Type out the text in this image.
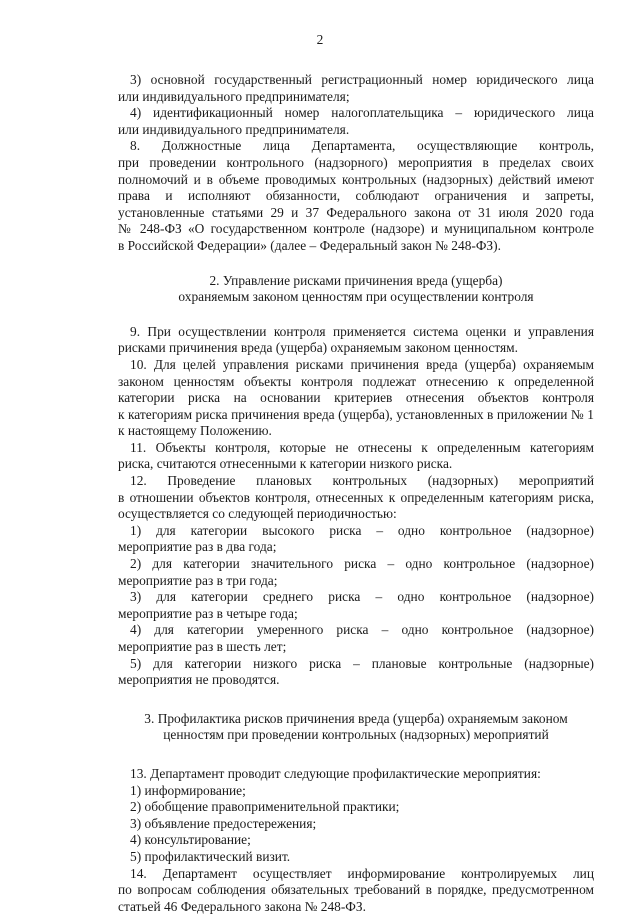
2

3) основной государственный регистрационный номер юридического лица

или индивидуального предпринимателя;

4) идентификационный номер налогоплательщика – юридического лица

или индивидуального предпринимателя.

8. Должностные лица Департамента, осуществляющие контроль,

при проведении контрольного (надзорного) мероприятия в пределах своих

полномочий и в объеме проводимых контрольных (надзорных) действий имеют

права и исполняют обязанности, соблюдают ограничения и запреты,

установленные статьями 29 и 37 Федерального закона от 31 июля 2020 года

№ 248-ФЗ «О государственном контроле (надзоре) и муниципальном контроле

в Российской Федерации» (далее – Федеральный закон № 248-ФЗ).

2. Управление рисками причинения вреда (ущерба)

охраняемым законом ценностям при осуществлении контроля

9. При осуществлении контроля применяется система оценки и управления

рисками причинения вреда (ущерба) охраняемым законом ценностям.

10. Для целей управления рисками причинения вреда (ущерба) охраняемым

законом ценностям объекты контроля подлежат отнесению к определенной

категории риска на основании критериев отнесения объектов контроля

к категориям риска причинения вреда (ущерба), установленных в приложении № 1

к настоящему Положению.

11. Объекты контроля, которые не отнесены к определенным категориям

риска, считаются отнесенными к категории низкого риска.

12. Проведение плановых контрольных (надзорных) мероприятий

в отношении объектов контроля, отнесенных к определенным категориям риска,

осуществляется со следующей периодичностью:

1) для категории высокого риска – одно контрольное (надзорное)

мероприятие раз в два года;

2) для категории значительного риска – одно контрольное (надзорное)

мероприятие раз в три года;

3) для категории среднего риска – одно контрольное (надзорное)

мероприятие раз в четыре года;

4) для категории умеренного риска – одно контрольное (надзорное)

мероприятие раз в шесть лет;

5) для категории низкого риска – плановые контрольные (надзорные)

мероприятия не проводятся.

3. Профилактика рисков причинения вреда (ущерба) охраняемым законом

ценностям при проведении контрольных (надзорных) мероприятий

13. Департамент проводит следующие профилактические мероприятия:

1) информирование;

2) обобщение правоприменительной практики;

3) объявление предостережения;

4) консультирование;

5) профилактический визит.

14. Департамент осуществляет информирование контролируемых лиц

по вопросам соблюдения обязательных требований в порядке, предусмотренном

статьей 46 Федерального закона № 248-ФЗ.
